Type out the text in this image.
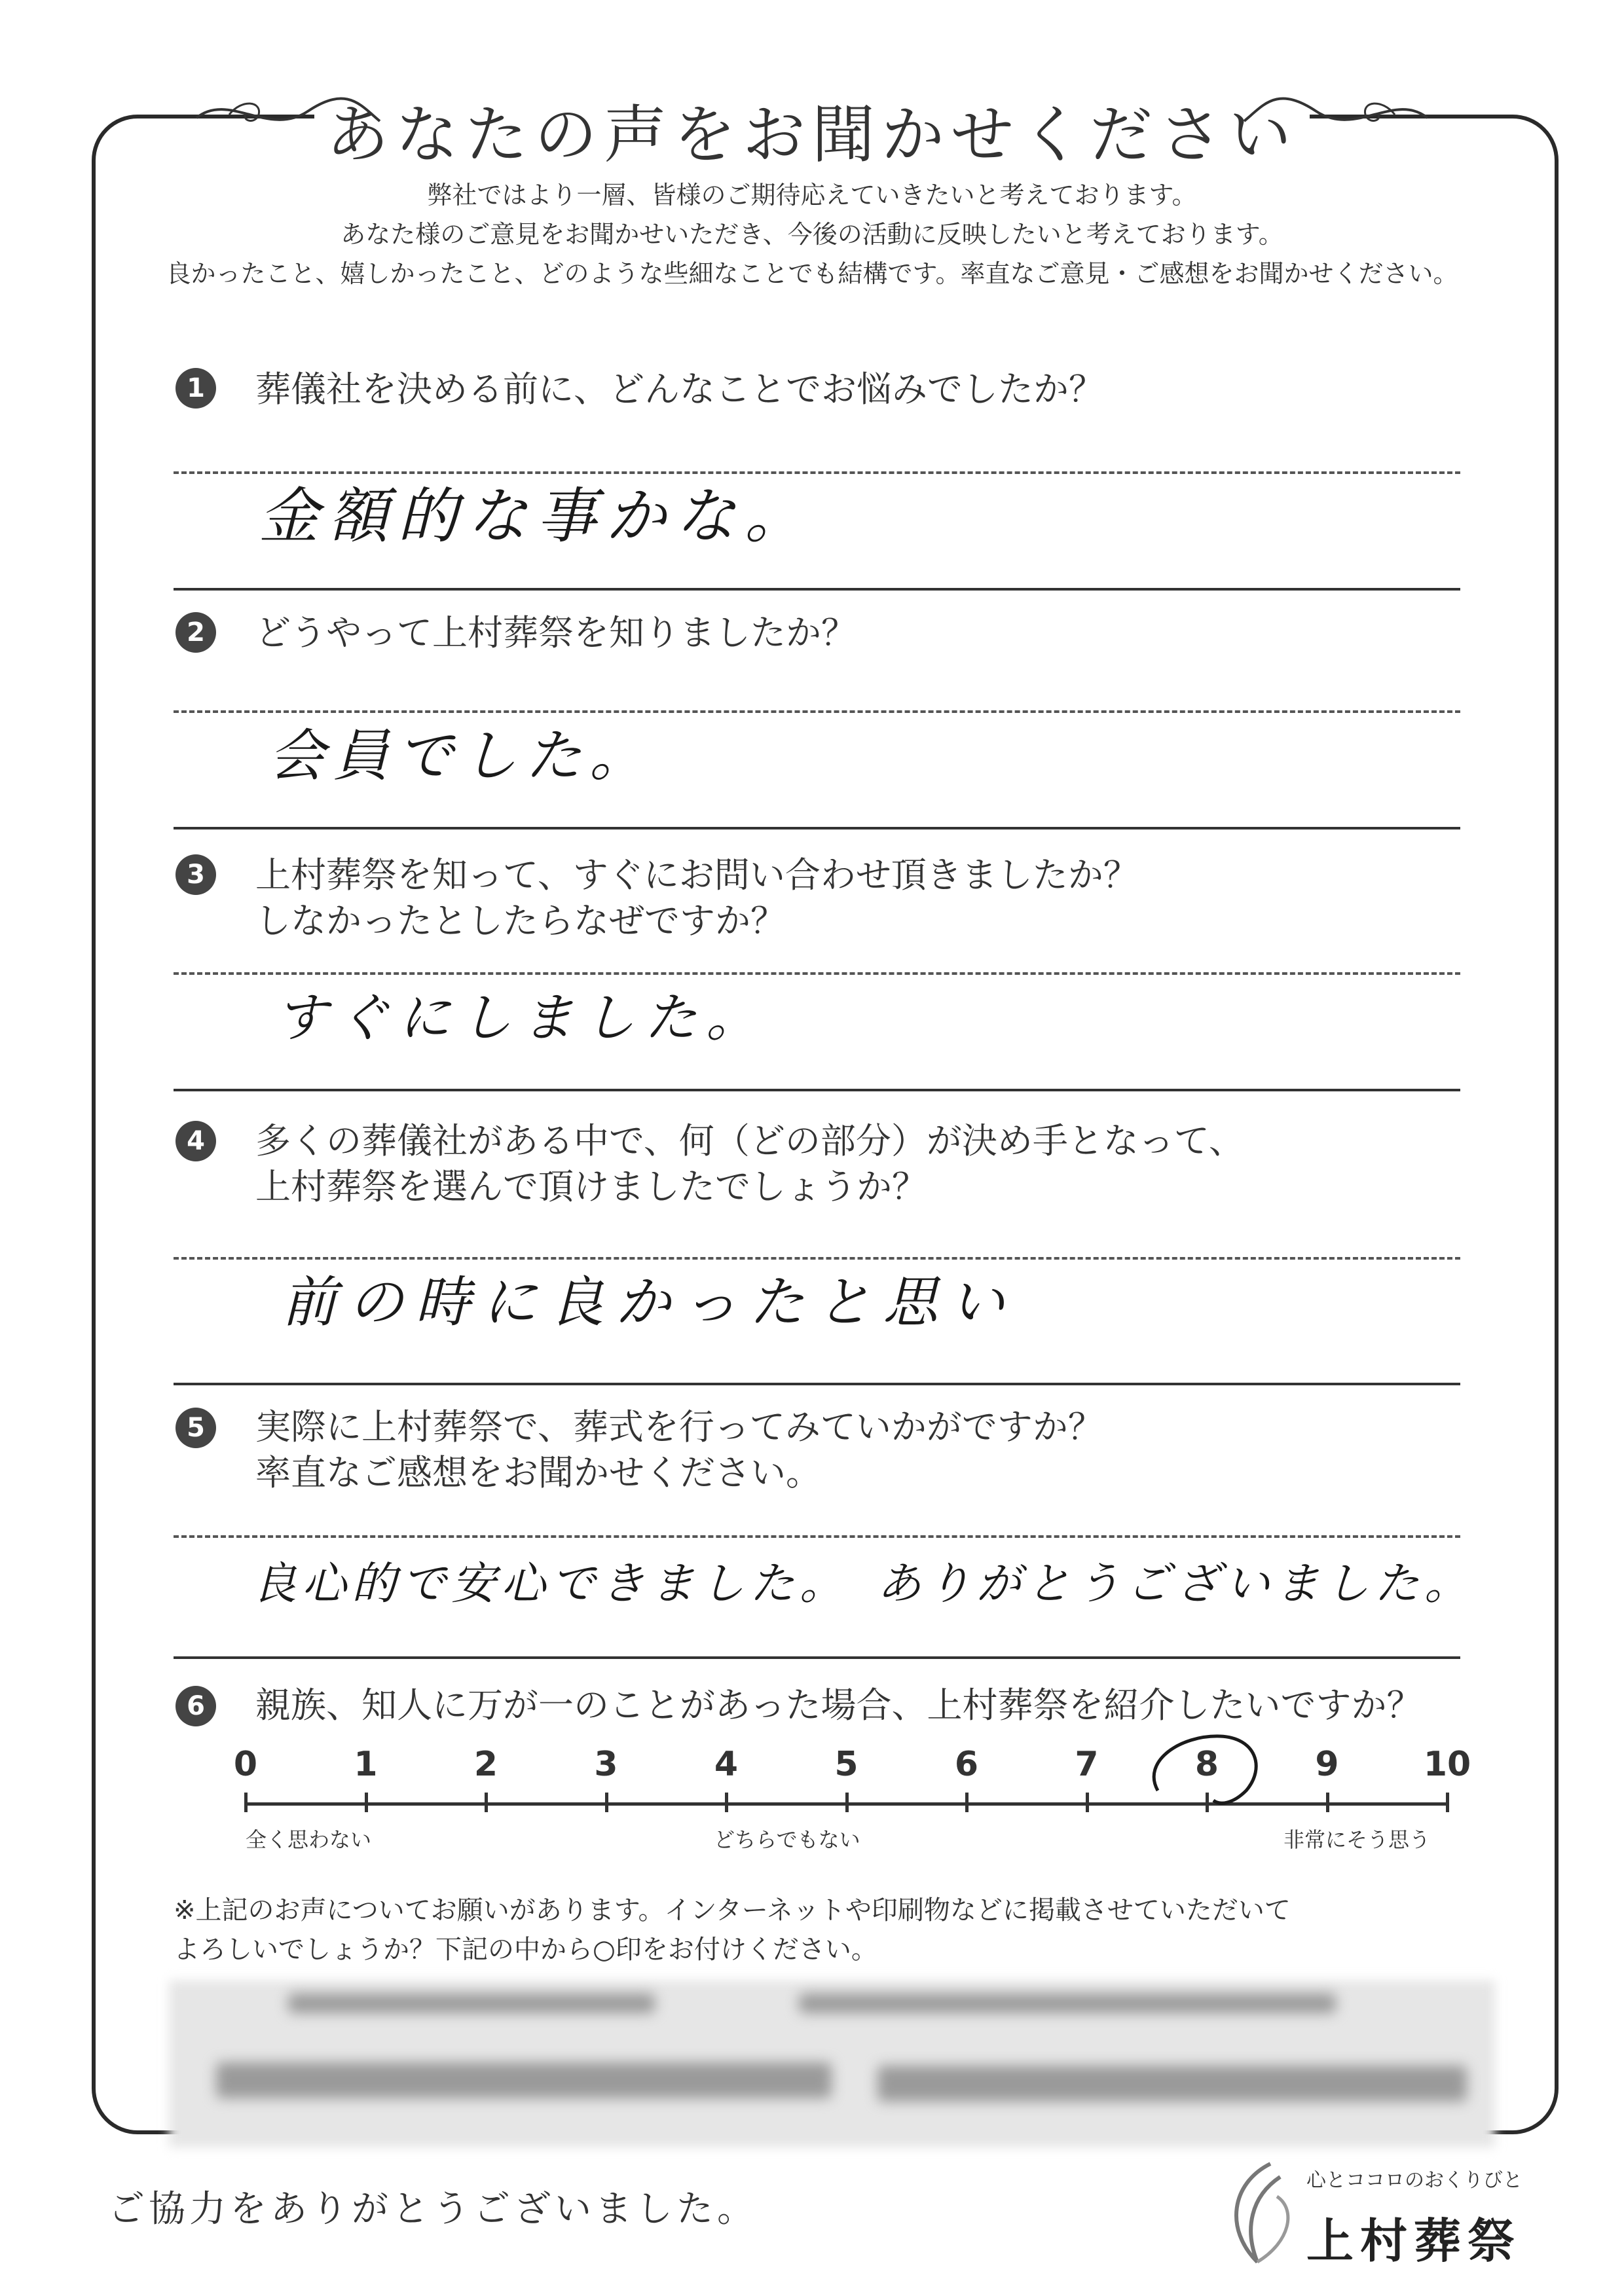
あなたの声をお聞かせください
弊社ではより一層、皆様のご期待応えていきたいと考えております。
あなた様のご意見をお聞かせいただき、今後の活動に反映したいと考えております。
良かったこと、嬉しかったこと、どのような些細なことでも結構です。率直なご意見・ご感想をお聞かせください。
1	葬儀社を決める前に、どんなことでお悩みでしたか？
金額的な事かな。
2	どうやって上村葬祭を知りましたか？
会員でした。
3	上村葬祭を知って、すぐにお問い合わせ頂きましたか？
しなかったとしたらなぜですか？
すぐにしました。
4	多くの葬儀社がある中で、何（どの部分）が決め手となって、
上村葬祭を選んで頂けましたでしょうか？
前の時に良かったと思い
5	実際に上村葬祭で、葬式を行ってみていかがですか？
率直なご感想をお聞かせください。
良心的で安心できました。　ありがとうございました。
6	親族、知人に万が一のことがあった場合、上村葬祭を紹介したいですか？
0	1	2	3	4	5	6	7	8	9	10
全く思わない	どちらでもない	非常にそう思う
※上記のお声についてお願いがあります。インターネットや印刷物などに掲載させていただいて
よろしいでしょうか？下記の中から○印をお付けください。
ご協力をありがとうございました。
心とココロのおくりびと
上村葬祭
